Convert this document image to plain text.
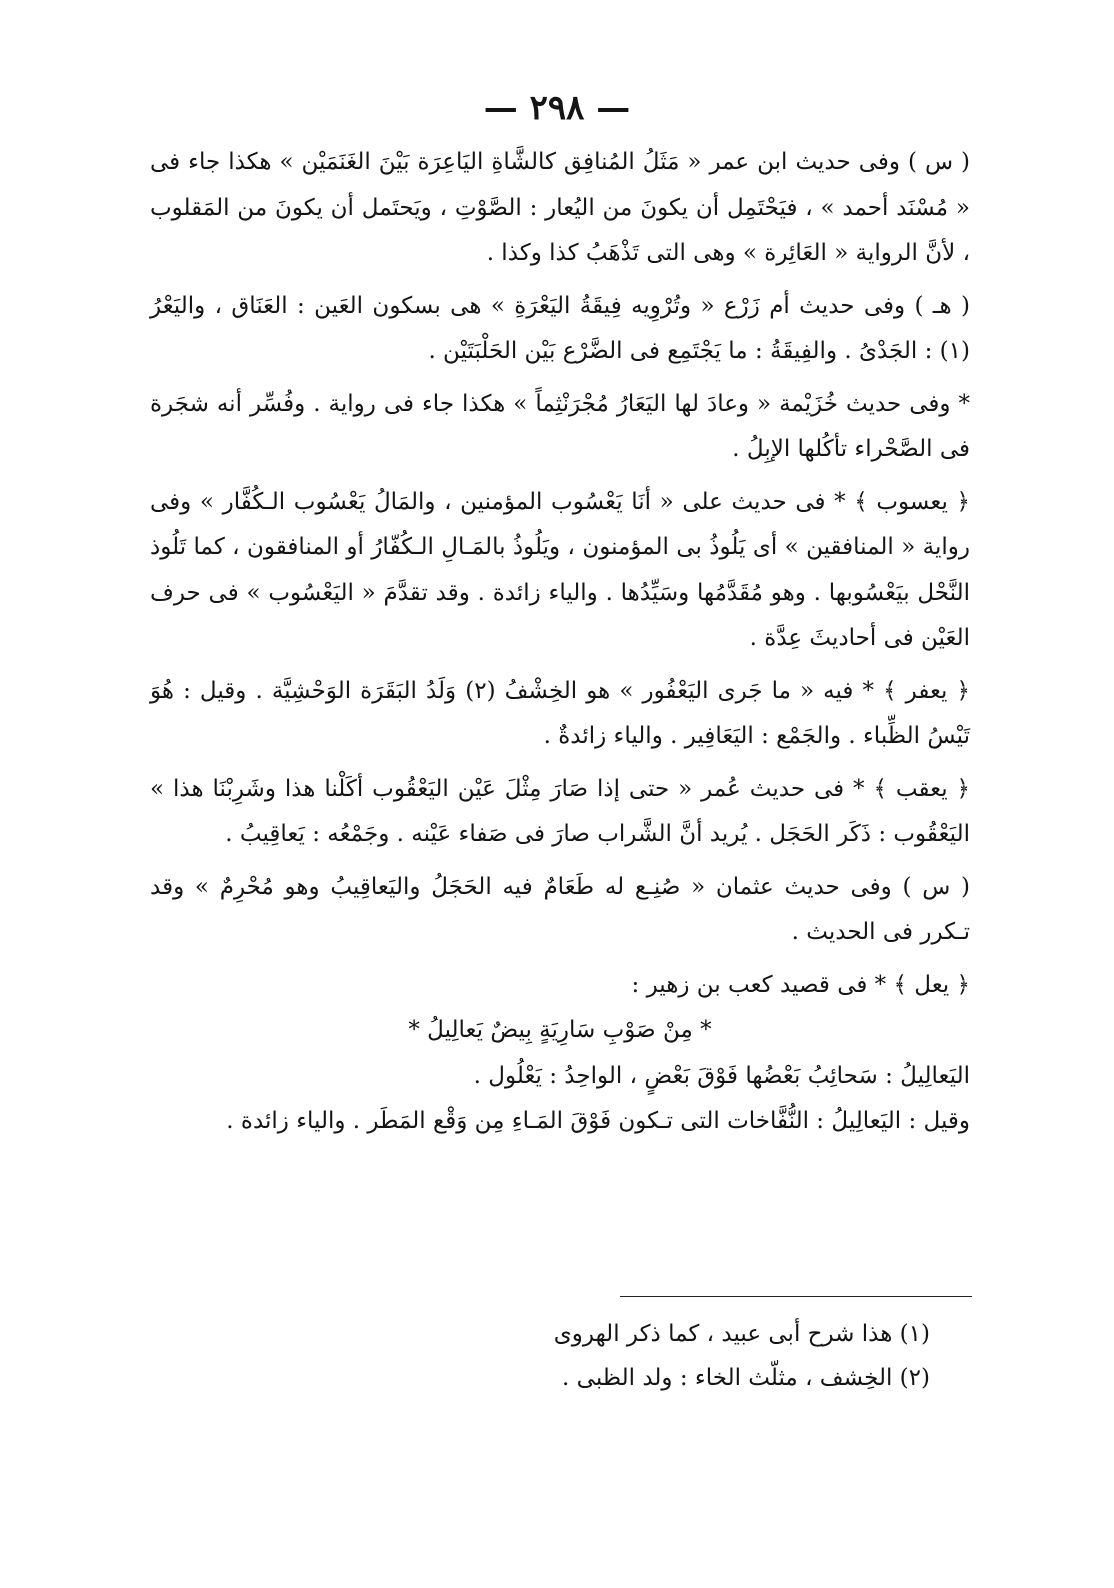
— ٢٩٨ —

( س ) وفى حديث ابن عمر « مَثَلُ المُنافِق كالشَّاةِ اليَاعِرَة بَيْنَ الغَنَمَيْن » هكذا جاء فى « مُسْنَد أحمد » ، فيَحْتَمِل أن يكونَ من اليُعار : الصَّوْتِ ، ويَحتَمل أن يكونَ من المَقلوب ، لأنَّ الرواية « العَائِرة » وهى التى تَذْهَبُ كذا وكذا .

( هـ ) وفى حديث أم زَرْع « وتُرْوِيه فِيقَةُ اليَعْرَةِ » هى بسكون العَين : العَنَاق ، واليَعْرُ (١) : الجَدْىُ . والفِيقَةُ : ما يَجْتَمِع فى الضَّرْع بَيْن الحَلْبَتَيْن .

* وفى حديث خُزَيْمة « وعادَ لها اليَعَارُ مُجْرَنْثِماً » هكذا جاء فى رواية . وفُسِّر أنه شجَرة فى الصَّحْراء تأكُلها الإبِلُ .

﴿ يعسوب ﴾ * فى حديث على « أنَا يَعْسُوب المؤمنين ، والمَالُ يَعْسُوب الـكُفَّار » وفى رواية « المنافقين » أى يَلُوذُ بى المؤمنون ، ويَلُوذُ بالمَـالِ الـكُفّارُ أو المنافقون ، كما تَلُوذ النَّحْل بيَعْسُوبها . وهو مُقَدَّمُها وسَيِّدُها . والياء زائدة . وقد تقدَّمَ « اليَعْسُوب » فى حرف العَيْن فى أحاديثَ عِدَّة .

﴿ يعفر ﴾ * فيه « ما جَرى اليَعْفُور » هو الخِشْفُ (٢) وَلَدُ البَقَرَة الوَحْشِيَّة . وقيل : هُوَ تَيْسُ الظِّباء . والجَمْع : اليَعَافِير . والياء زائدةٌ .

﴿ يعقب ﴾ * فى حديث عُمر « حتى إذا صَارَ مِثْلَ عَيْن اليَعْقُوب أكَلْنا هذا وشَرِبْنَا هذا » اليَعْقُوب : ذَكَر الحَجَل . يُريد أنَّ الشَّراب صارَ فى صَفاء عَيْنه . وجَمْعُه : يَعاقِيبُ .

( س ) وفى حديث عثمان « صُنِـع له طَعَامٌ فيه الحَجَلُ واليَعاقِيبُ وهو مُحْرِمٌ » وقد تـكرر فى الحديث .

﴿ يعل ﴾ * فى قصيد كعب بن زهير :

* مِنْ صَوْبِ سَارِيَةٍ بِيضٌ يَعالِيلُ *

اليَعالِيلُ : سَحائِبُ بَعْضُها فَوْقَ بَعْضٍ ، الواحِدُ : يَعْلُول .

وقيل : اليَعالِيلُ : النُّفَّاخات التى تـكون فَوْقَ المَـاءِ مِن وَقْع المَطَر . والياء زائدة .

(١) هذا شرح أبى عبيد ، كما ذكر الهروى

(٢) الخِشف ، مثلّث الخاء : ولد الظبى .
